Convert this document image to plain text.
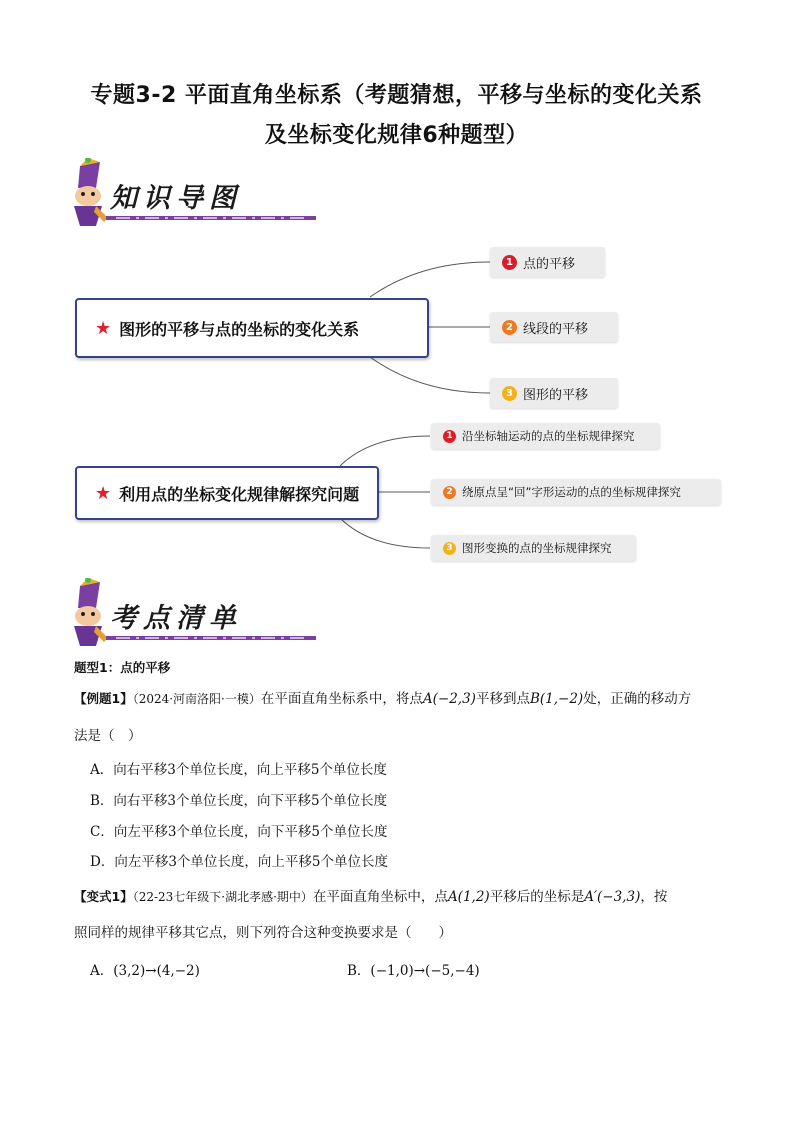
专题3-2 平面直角坐标系（考题猜想，平移与坐标的变化关系
及坐标变化规律6种题型）
知识导图
★ 图形的平移与点的坐标的变化关系
1 点的平移
2 线段的平移
3 图形的平移
★ 利用点的坐标变化规律解探究问题
1 沿坐标轴运动的点的坐标规律探究
2 绕原点呈“回”字形运动的点的坐标规律探究
3 图形变换的点的坐标规律探究
考点清单
题型1：点的平移
【例题1】（2024·河南洛阳·一模）在平面直角坐标系中，将点A(−2,3)平移到点B(1,−2)处，正确的移动方
法是（　）
A．向右平移3个单位长度，向上平移5个单位长度
B．向右平移3个单位长度，向下平移5个单位长度
C．向左平移3个单位长度，向下平移5个单位长度
D．向左平移3个单位长度，向上平移5个单位长度
【变式1】（22-23七年级下·湖北孝感·期中）在平面直角坐标中，点A(1,2)平移后的坐标是A′(−3,3)，按
照同样的规律平移其它点，则下列符合这种变换要求是（　　）
A．(3,2)→(4,−2)	B．(−1,0)→(−5,−4)
